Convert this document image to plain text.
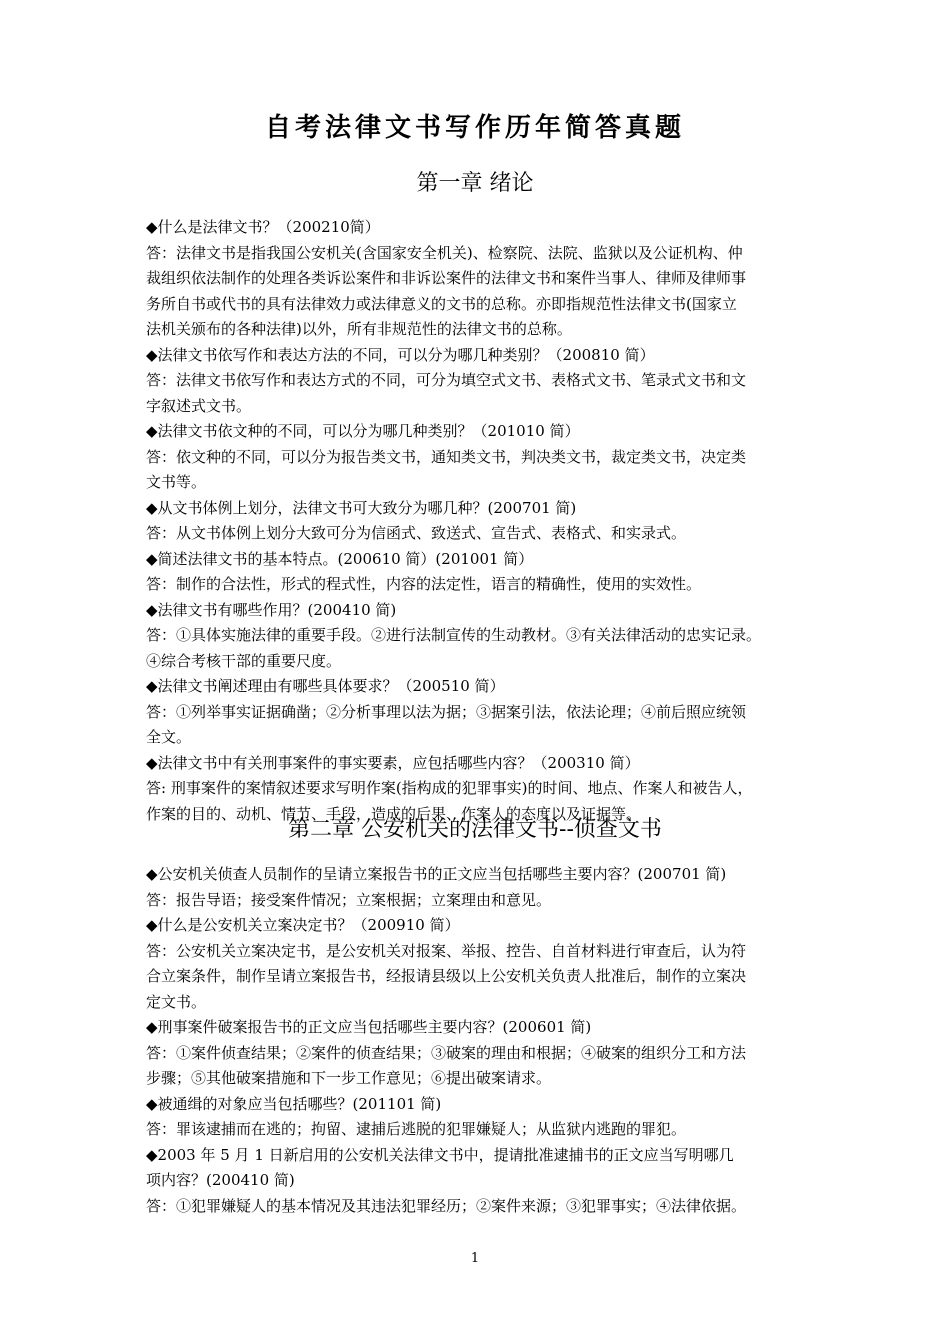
自考法律文书写作历年简答真题
第一章 绪论
◆什么是法律文书？（200210简）
答：法律文书是指我国公安机关(含国家安全机关)、检察院、法院、监狱以及公证机构、仲
裁组织依法制作的处理各类诉讼案件和非诉讼案件的法律文书和案件当事人、律师及律师事
务所自书或代书的具有法律效力或法律意义的文书的总称。亦即指规范性法律文书(国家立
法机关颁布的各种法律)以外，所有非规范性的法律文书的总称。
◆法律文书依写作和表达方法的不同，可以分为哪几种类别？（200810 简）
答：法律文书依写作和表达方式的不同，可分为填空式文书、表格式文书、笔录式文书和文
字叙述式文书。
◆法律文书依文种的不同，可以分为哪几种类别？（201010 简）
答：依文种的不同，可以分为报告类文书，通知类文书，判决类文书，裁定类文书，决定类
文书等。
◆从文书体例上划分，法律文书可大致分为哪几种？(200701 简)
答：从文书体例上划分大致可分为信函式、致送式、宣告式、表格式、和实录式。
◆简述法律文书的基本特点。(200610 简）(201001 简）
答：制作的合法性，形式的程式性，内容的法定性，语言的精确性，使用的实效性。
◆法律文书有哪些作用？(200410 简)
答：①具体实施法律的重要手段。②进行法制宣传的生动教材。③有关法律活动的忠实记录。
④综合考核干部的重要尺度。
◆法律文书阐述理由有哪些具体要求？（200510 简）
答：①列举事实证据确凿；②分析事理以法为据；③据案引法，依法论理；④前后照应统领
全文。
◆法律文书中有关刑事案件的事实要素，应包括哪些内容？（200310 简）
答: 刑事案件的案情叙述要求写明作案(指构成的犯罪事实)的时间、地点、作案人和被告人，
作案的目的、动机、情节、手段，造成的后果、作案人的态度以及证据等。
第二章 公安机关的法律文书--侦查文书
◆公安机关侦查人员制作的呈请立案报告书的正文应当包括哪些主要内容？(200701 简)
答：报告导语；接受案件情况；立案根据；立案理由和意见。
◆什么是公安机关立案决定书？（200910 简）
答：公安机关立案决定书，是公安机关对报案、举报、控告、自首材料进行审查后，认为符
合立案条件，制作呈请立案报告书，经报请县级以上公安机关负责人批准后，制作的立案决
定文书。
◆刑事案件破案报告书的正文应当包括哪些主要内容？(200601 简)
答：①案件侦查结果；②案件的侦查结果；③破案的理由和根据；④破案的组织分工和方法
步骤；⑤其他破案措施和下一步工作意见；⑥提出破案请求。
◆被通缉的对象应当包括哪些？(201101 简)
答：罪该逮捕而在逃的；拘留、逮捕后逃脱的犯罪嫌疑人；从监狱内逃跑的罪犯。
◆2003 年 5 月 1 日新启用的公安机关法律文书中，提请批准逮捕书的正文应当写明哪几
项内容？(200410 简)
答：①犯罪嫌疑人的基本情况及其违法犯罪经历；②案件来源；③犯罪事实；④法律依据。
1
